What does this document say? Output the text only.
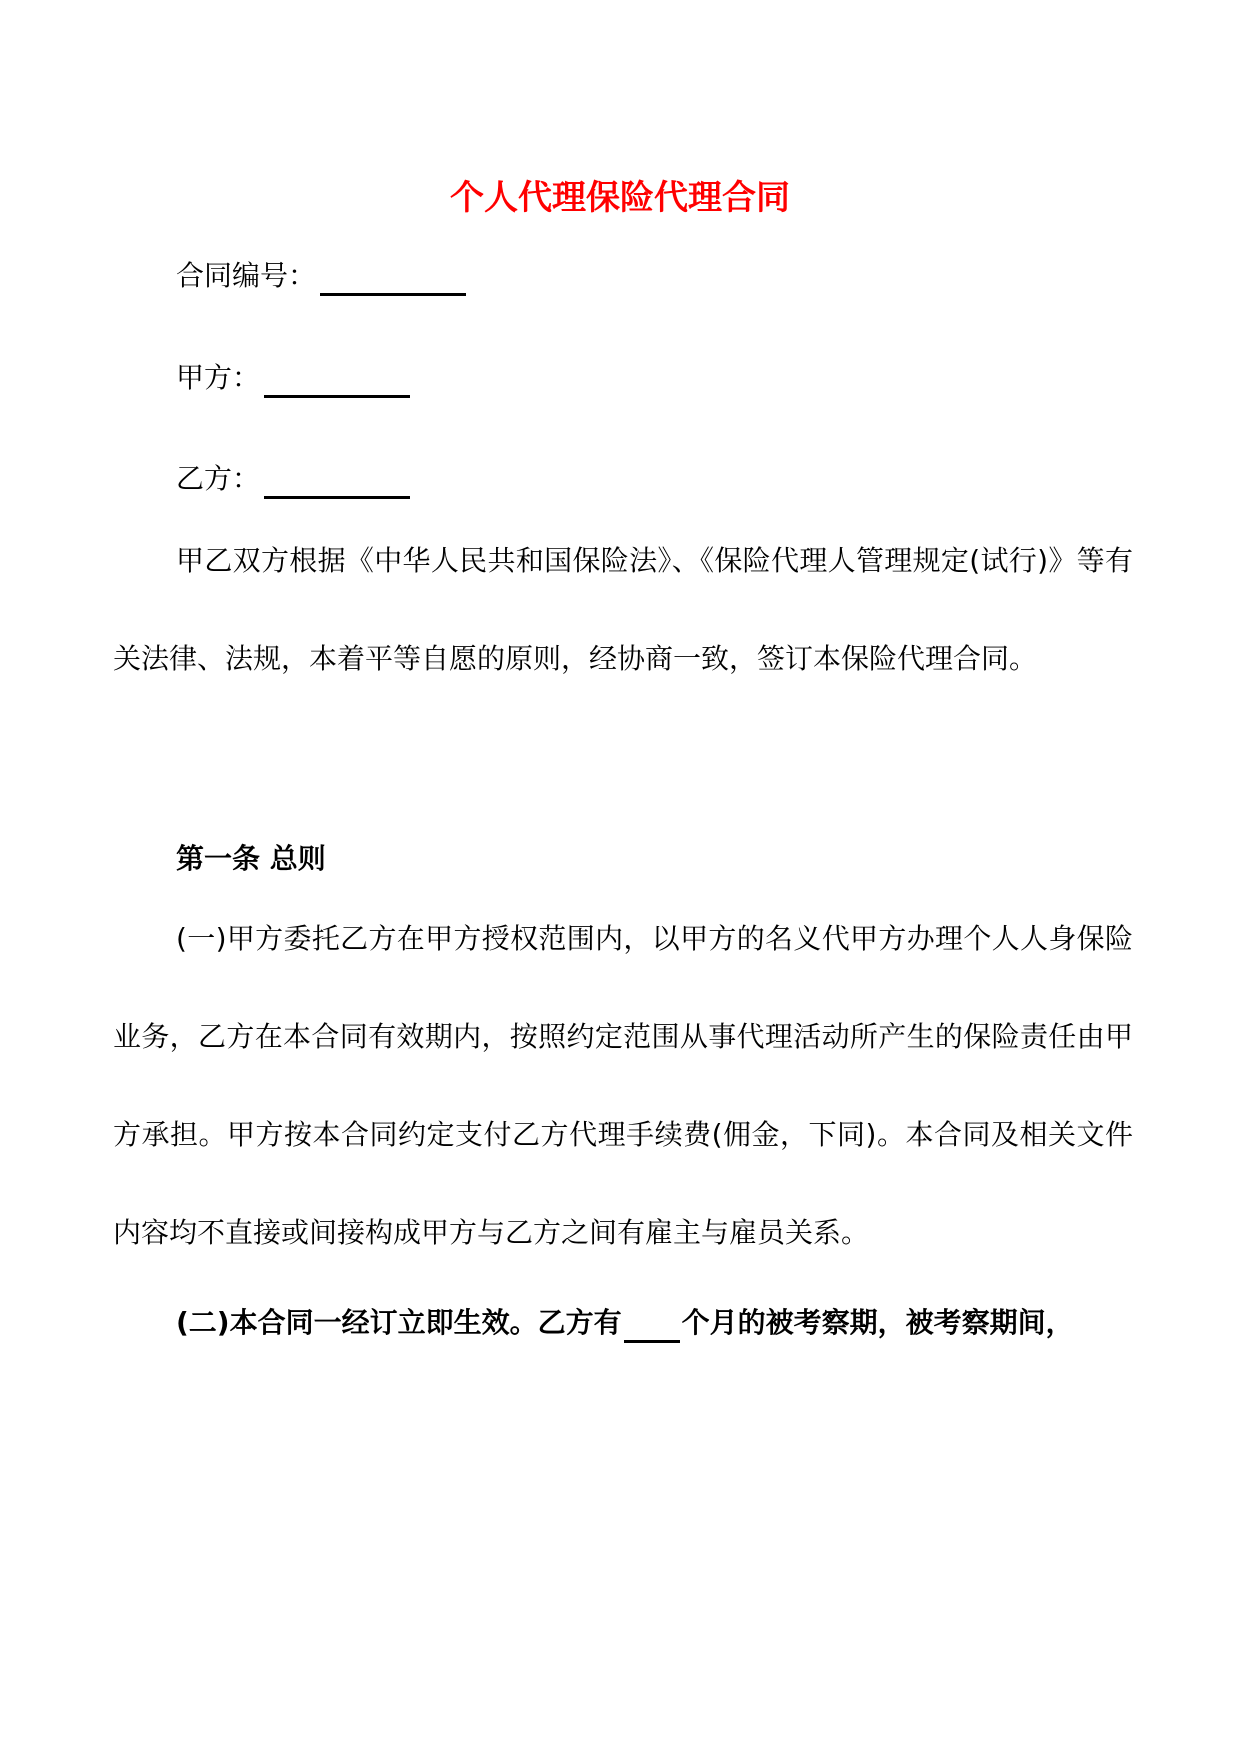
个人代理保险代理合同
合同编号：
甲方：
乙方：
甲乙双方根据《中华人民共和国保险法》、《保险代理人管理规定(试行)》等有关法律、法规，本着平等自愿的原则，经协商一致，签订本保险代理合同。
第一条 总则
(一)甲方委托乙方在甲方授权范围内，以甲方的名义代甲方办理个人人身保险业务，乙方在本合同有效期内，按照约定范围从事代理活动所产生的保险责任由甲方承担。甲方按本合同约定支付乙方代理手续费(佣金，下同)。本合同及相关文件内容均不直接或间接构成甲方与乙方之间有雇主与雇员关系。
(二)本合同一经订立即生效。乙方有 个月的被考察期，被考察期间，
